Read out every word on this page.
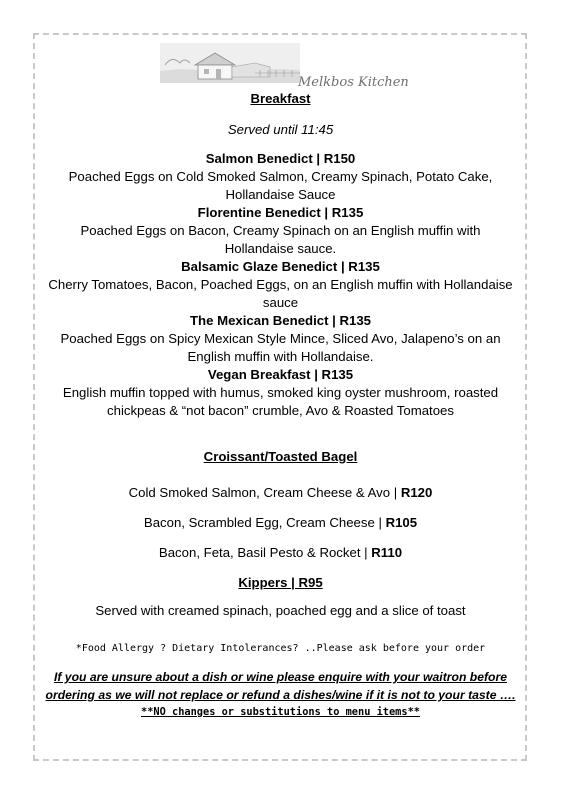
Melkbos Kitchen
Breakfast
Served until 11:45
Salmon Benedict | R150
Poached Eggs on Cold Smoked Salmon, Creamy Spinach, Potato Cake,
Hollandaise Sauce
Florentine Benedict | R135
Poached Eggs on Bacon, Creamy Spinach on an English muffin with
Hollandaise sauce.
Balsamic Glaze Benedict | R135
Cherry Tomatoes, Bacon, Poached Eggs, on an English muffin with Hollandaise
sauce
The Mexican Benedict | R135
Poached Eggs on Spicy Mexican Style Mince, Sliced Avo, Jalapeno’s on an
English muffin with Hollandaise.
Vegan Breakfast | R135
English muffin topped with humus, smoked king oyster mushroom, roasted
chickpeas & “not bacon” crumble, Avo & Roasted Tomatoes
Croissant/Toasted Bagel
Cold Smoked Salmon, Cream Cheese & Avo | R120
Bacon, Scrambled Egg, Cream Cheese | R105
Bacon, Feta, Basil Pesto & Rocket | R110
Kippers | R95
Served with creamed spinach, poached egg and a slice of toast
*Food Allergy ? Dietary Intolerances? ..Please ask before your order
If you are unsure about a dish or wine please enquire with your waitron before
ordering as we will not replace or refund a dishes/wine if it is not to your taste ….
**NO changes or substitutions to menu items**
